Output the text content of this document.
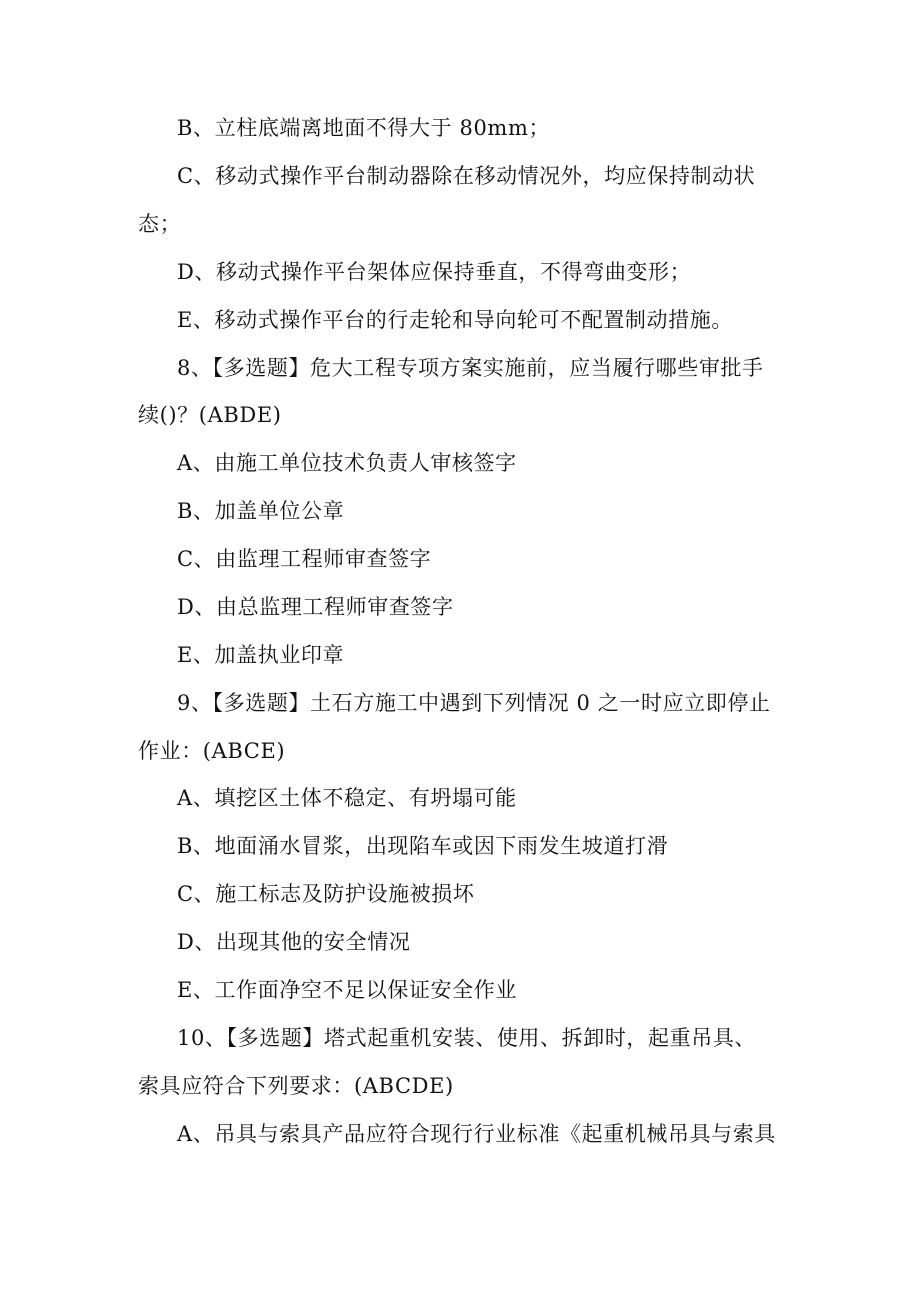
B、立柱底端离地面不得大于 80mm；
C、移动式操作平台制动器除在移动情况外，均应保持制动状
态；
D、移动式操作平台架体应保持垂直，不得弯曲变形；
E、移动式操作平台的行走轮和导向轮可不配置制动措施。
8、【多选题】危大工程专项方案实施前，应当履行哪些审批手
续()？(ABDE)
A、由施工单位技术负责人审核签字
B、加盖单位公章
C、由监理工程师审查签字
D、由总监理工程师审查签字
E、加盖执业印章
9、【多选题】土石方施工中遇到下列情况 0 之一时应立即停止
作业：(ABCE)
A、填挖区土体不稳定、有坍塌可能
B、地面涌水冒浆，出现陷车或因下雨发生坡道打滑
C、施工标志及防护设施被损坏
D、出现其他的安全情况
E、工作面净空不足以保证安全作业
10、【多选题】塔式起重机安装、使用、拆卸时，起重吊具、
索具应符合下列要求：(ABCDE)
A、吊具与索具产品应符合现行行业标准《起重机械吊具与索具
